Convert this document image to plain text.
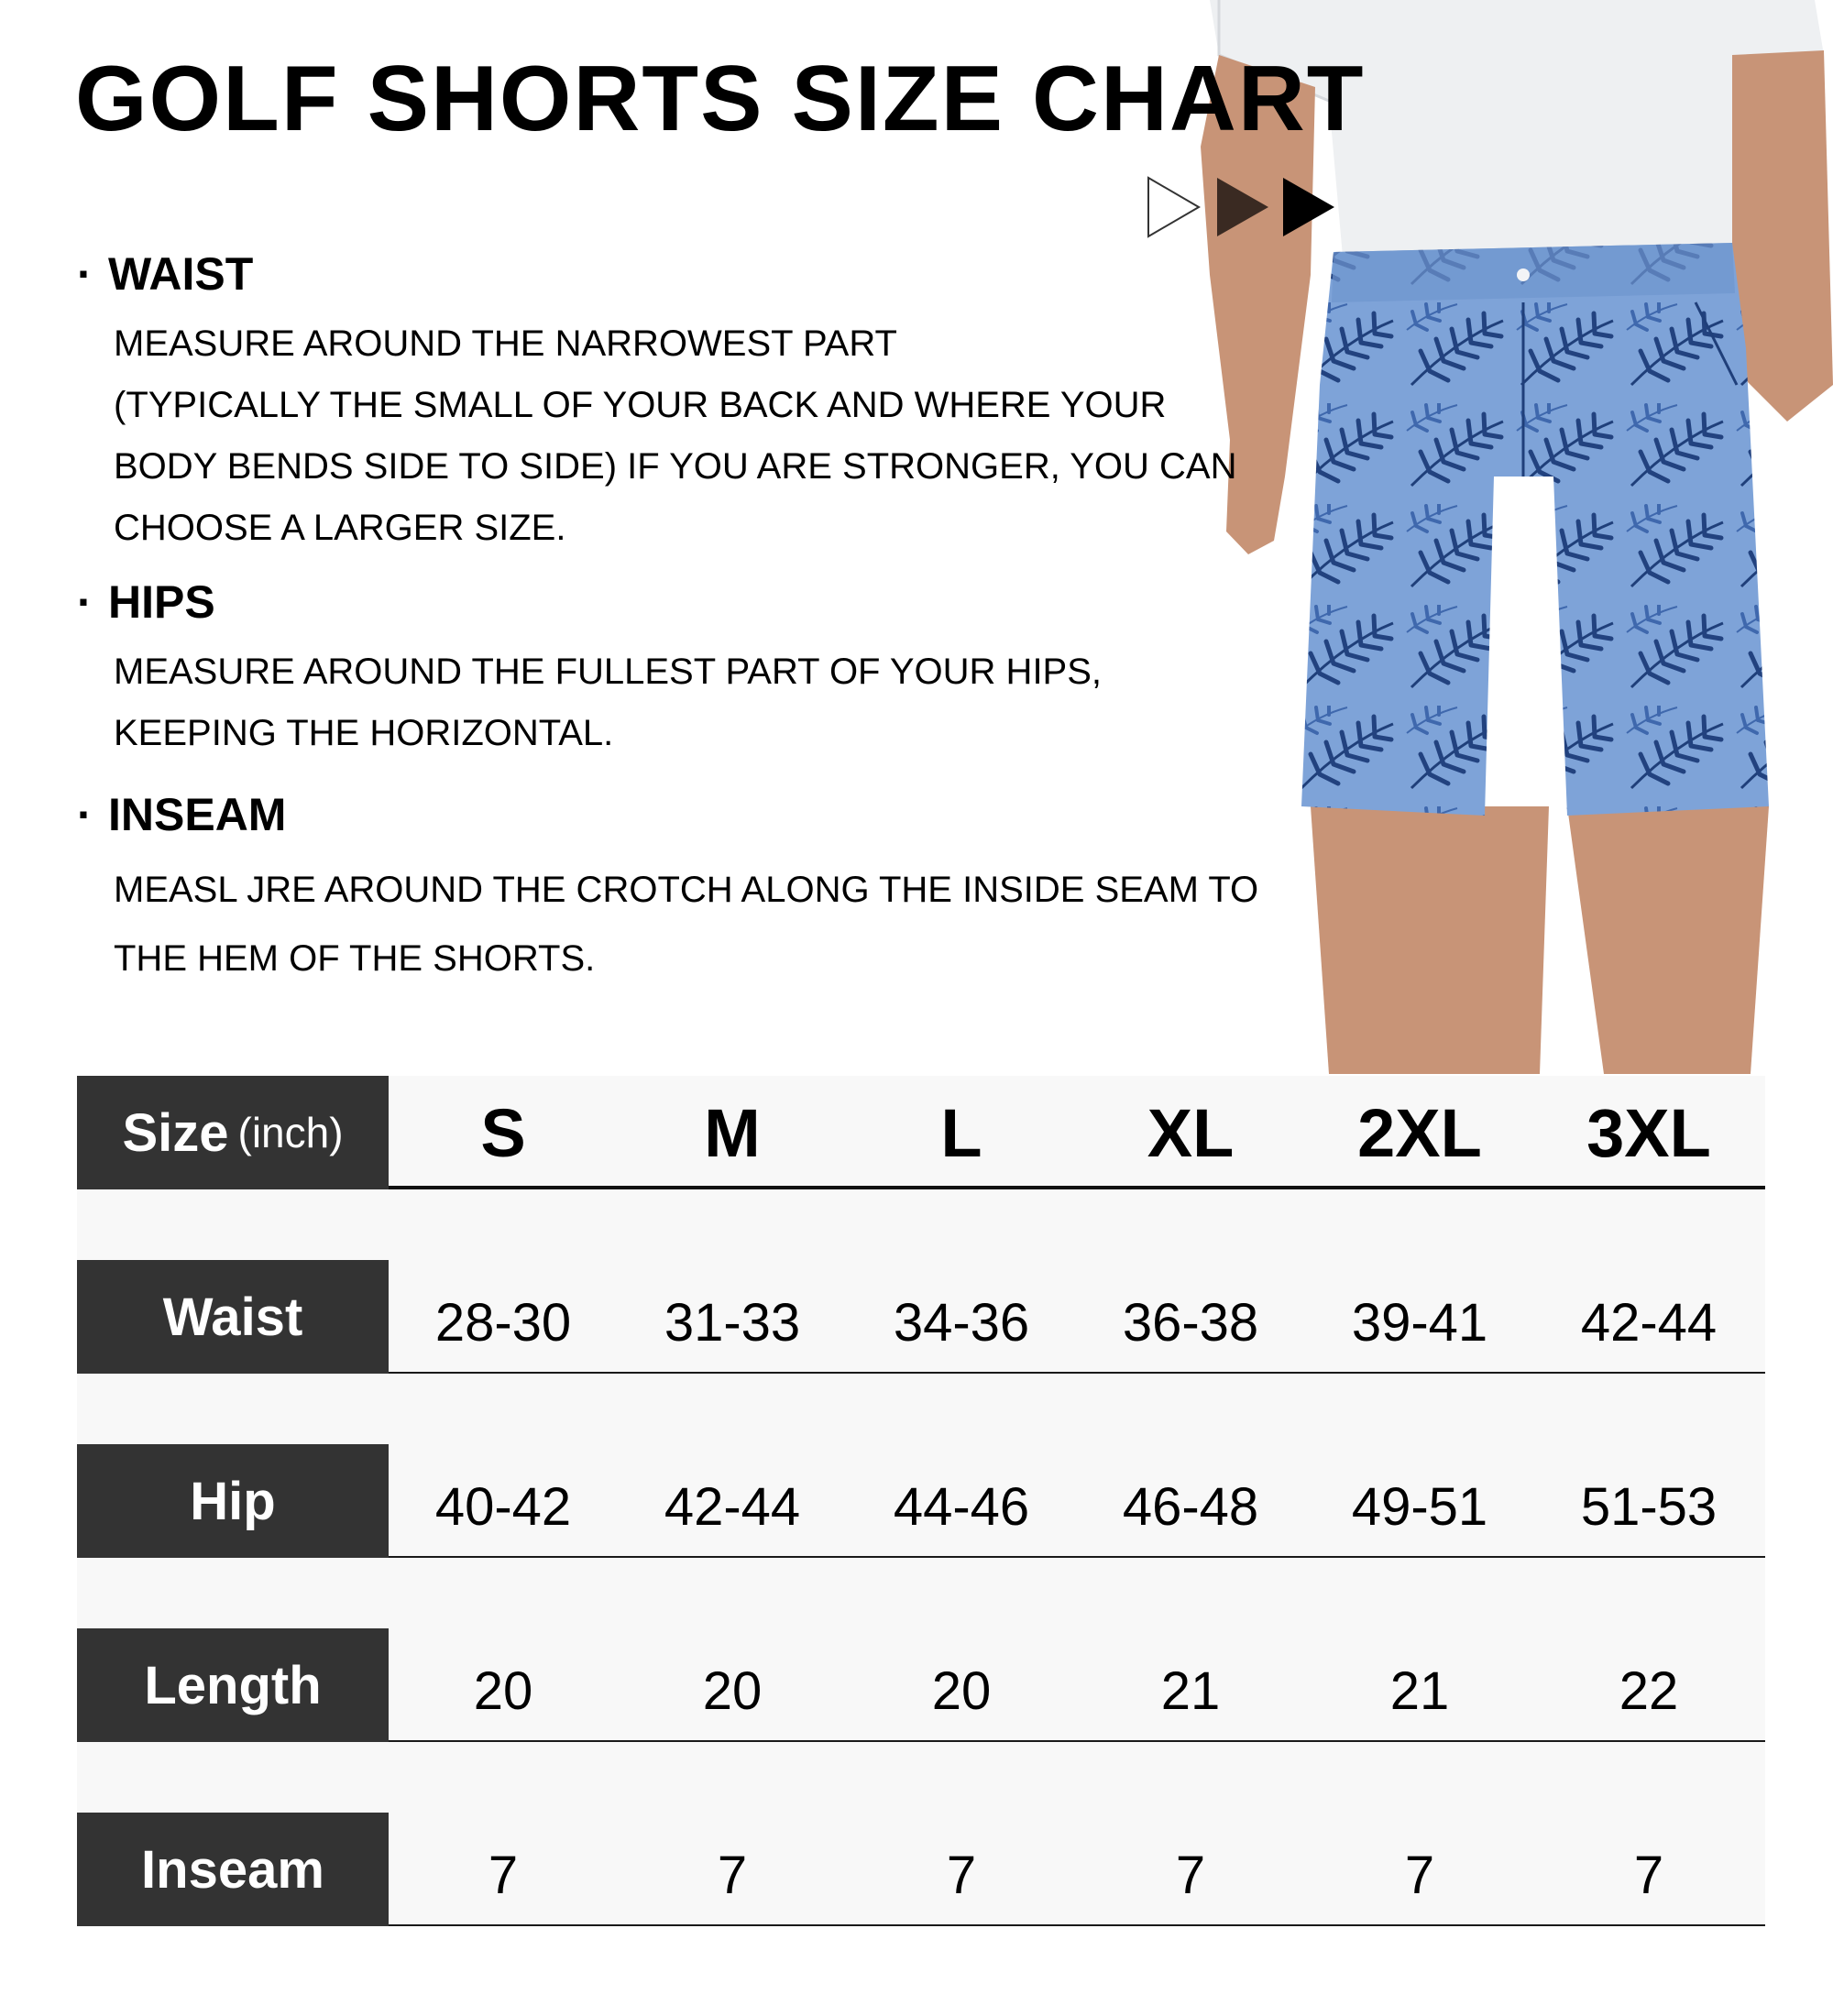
GOLF SHORTS SIZE CHART
· WAIST

MEASURE AROUND THE NARROWEST PART

(TYPICALLY THE SMALL OF YOUR BACK AND WHERE YOUR

BODY BENDS SIDE TO SIDE) IF YOU ARE STRONGER, YOU CAN

CHOOSE A LARGER SIZE.

· HIPS

MEASURE AROUND THE FULLEST PART OF YOUR HIPS,

KEEPING THE HORIZONTAL.

· INSEAM

MEASL JRE AROUND THE CROTCH ALONG THE INSIDE SEAM TO

THE HEM OF THE SHORTS.

Size (inch)	S	M	L	XL	2XL	3XL
Waist	28-30	31-33	34-36	36-38	39-41	42-44
Hip	40-42	42-44	44-46	46-48	49-51	51-53
Length	20	20	20	21	21	22
Inseam	7	7	7	7	7	7
